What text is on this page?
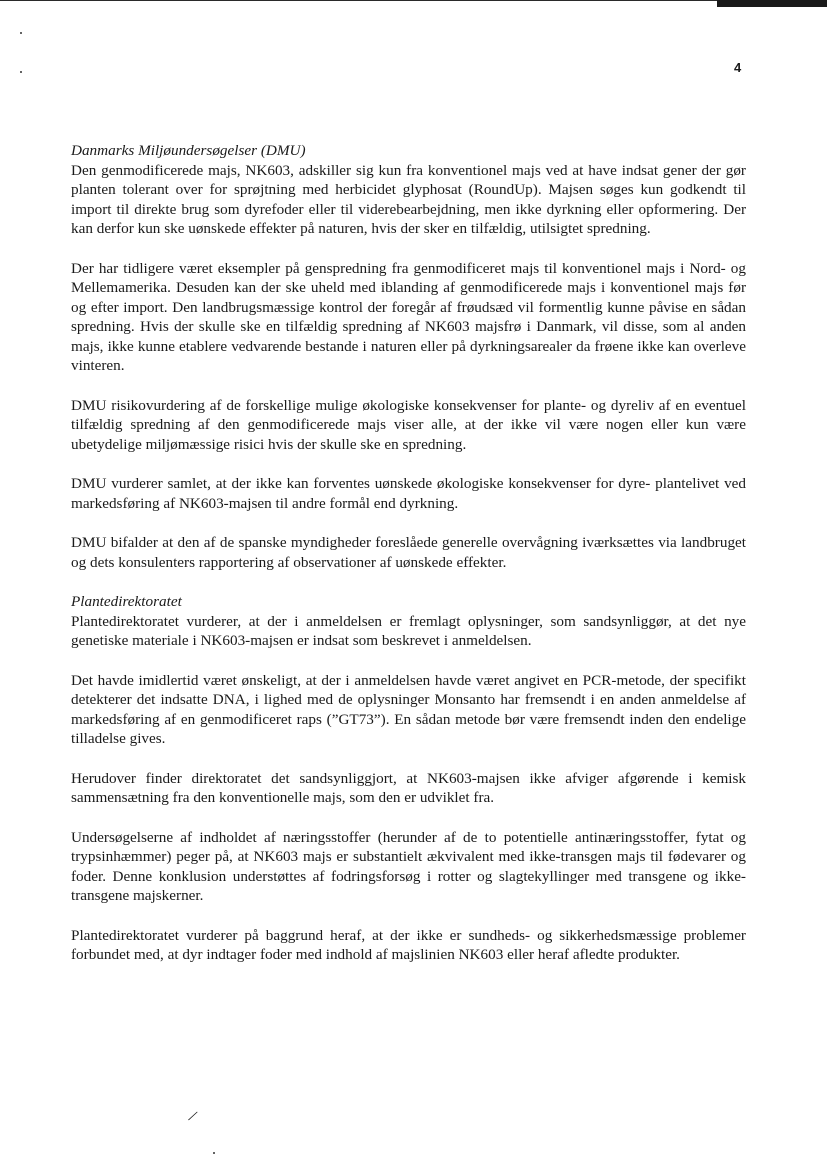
4

Danmarks Miljøundersøgelser (DMU)
Den genmodificerede majs, NK603, adskiller sig kun fra konventionel majs ved at have indsat gener der gør planten tolerant over for sprøjtning med herbicidet glyphosat (RoundUp). Majsen søges kun godkendt til import til direkte brug som dyrefoder eller til viderebearbejdning, men ikke dyrkning eller opformering. Der kan derfor kun ske uønskede effekter på naturen, hvis der sker en tilfældig, utilsigtet spredning.

Der har tidligere været eksempler på genspredning fra genmodificeret majs til konventionel majs i Nord- og Mellemamerika. Desuden kan der ske uheld med iblanding af genmodificerede majs i konventionel majs før og efter import. Den landbrugsmæssige kontrol der foregår af frøudsæd vil formentlig kunne påvise en sådan spredning. Hvis der skulle ske en tilfældig spredning af NK603 majsfrø i Danmark, vil disse, som al anden majs, ikke kunne etablere vedvarende bestande i naturen eller på dyrkningsarealer da frøene ikke kan overleve vinteren.

DMU risikovurdering af de forskellige mulige økologiske konsekvenser for plante- og dyreliv af en eventuel tilfældig spredning af den genmodificerede majs viser alle, at der ikke vil være nogen eller kun være ubetydelige miljømæssige risici hvis der skulle ske en spredning.

DMU vurderer samlet, at der ikke kan forventes uønskede økologiske konsekvenser for dyre- plantelivet ved markedsføring af NK603-majsen til andre formål end dyrkning.

DMU bifalder at den af de spanske myndigheder foreslåede generelle overvågning iværksættes via landbruget og dets konsulenters rapportering af observationer af uønskede effekter.

Plantedirektoratet
Plantedirektoratet vurderer, at der i anmeldelsen er fremlagt oplysninger, som sandsynliggør, at det nye genetiske materiale i NK603-majsen er indsat som beskrevet i anmeldelsen.

Det havde imidlertid været ønskeligt, at der i anmeldelsen havde været angivet en PCR-metode, der specifikt detekterer det indsatte DNA, i lighed med de oplysninger Monsanto har fremsendt i en anden anmeldelse af markedsføring af en genmodificeret raps (”GT73”). En sådan metode bør være fremsendt inden den endelige tilladelse gives.

Herudover finder direktoratet det sandsynliggjort, at NK603-majsen ikke afviger afgørende i kemisk sammensætning fra den konventionelle majs, som den er udviklet fra.

Undersøgelserne af indholdet af næringsstoffer (herunder af de to potentielle antinæringsstoffer, fytat og trypsinhæmmer) peger på, at NK603 majs er substantielt ækvivalent med ikke-transgen majs til fødevarer og foder. Denne konklusion understøttes af fodringsforsøg i rotter og slagtekyllinger med transgene og ikke-transgene majskerner.

Plantedirektoratet vurderer på baggrund heraf, at der ikke er sundheds- og sikkerhedsmæssige problemer forbundet med, at dyr indtager foder med indhold af majslinien NK603 eller heraf afledte produkter.

/
